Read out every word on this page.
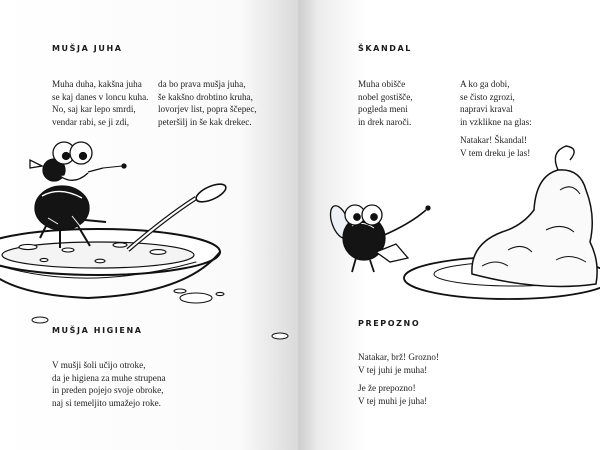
MUŠJA JUHA
Muha duha, kakšna juha
se kaj danes v loncu kuha.
No, saj kar lepo smrdi,
vendar rabi, se ji zdi,
da bo prava mušja juha,
še kakšno drobtino kruha,
lovorjev list, popra ščepec,
peteršilj in še kak drekec.
MUŠJA HIGIENA
V mušji šoli učijo otroke,
da je higiena za muhe strupena
in preden pojejo svoje obroke,
naj si temeljito umažejo roke.
ŠKANDAL
Muha obišče
nobel gostišče,
pogleda meni
in drek naroči.
A ko ga dobi,
se čisto zgrozi,
napravi kraval
in vzklikne na glas:
Natakar! Škandal!
V tem dreku je las!
PREPOZNO
Natakar, brž! Grozno!
V tej juhi je muha!
Je že prepozno!
V tej muhi je juha!
